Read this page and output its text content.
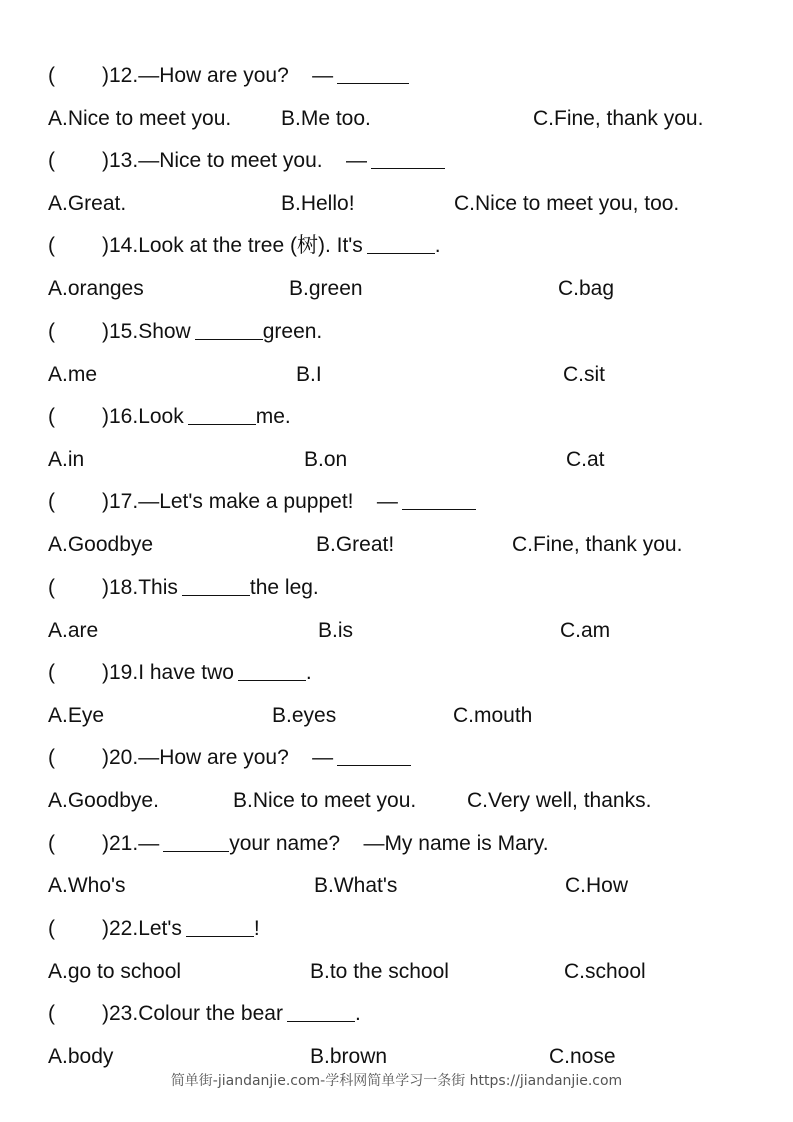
( )12.—How are you? —
A.Nice to meet you. B.Me too.	C.Fine, thank you.
( )13.—Nice to meet you. —
A.Great.	B.Hello!	C.Nice to meet you, too.
( )14.Look at the tree (树). It's	.
A.oranges	B.green	C.bag
( )15.Show	green.
A.me	B.I	C.sit
( )16.Look	me.
A.in	B.on	C.at
( )17.—Let's make a puppet! —
A.Goodbye	B.Great!	C.Fine, thank you.
( )18.This	the leg.
A.are	B.is	C.am
( )19.I have two	.
A.Eye	B.eyes	C.mouth
( )20.—How are you? —
A.Goodbye.	B.Nice to meet you. C.Very well, thanks.
( )21.—	your name? —My name is Mary.
A.Who's	B.What's	C.How
( )22.Let's	!
A.go to school	B.to the school	C.school
( )23.Colour the bear	.
A.body	B.brown	C.nose
简单街-jiandanjie.com-学科网简单学习一条街 https://jiandanjie.com
